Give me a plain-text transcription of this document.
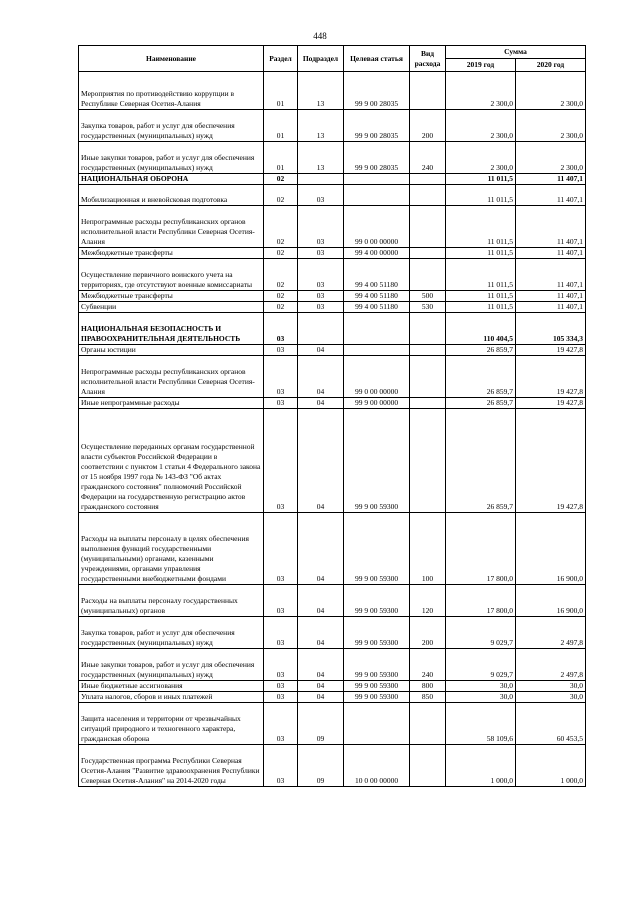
448
Наименование	Раздел	Подраздел	Целевая статья	Вид расхода	Сумма	
					2019 год	2020 год
Мероприятия по противодействию коррупции в Республике Северная Осетия-Алания	01	13	99 9 00 28035		2 300,0	2 300,0
Закупка товаров, работ и услуг для обеспечения государственных (муниципальных) нужд	01	13	99 9 00 28035	200	2 300,0	2 300,0
Иные закупки товаров, работ и услуг для обеспечения государственных (муниципальных) нужд	01	13	99 9 00 28035	240	2 300,0	2 300,0
НАЦИОНАЛЬНАЯ ОБОРОНА	02				11 011,5	11 407,1
Мобилизационная и вневойсковая подготовка	02	03			11 011,5	11 407,1
Непрограммные расходы республиканских органов исполнительной власти Республики Северная Осетия-Алания	02	03	99 0 00 00000		11 011,5	11 407,1
Межбюджетные трансферты	02	03	99 4 00 00000		11 011,5	11 407,1
Осуществление первичного воинского учета на территориях, где отсутствуют военные комиссариаты	02	03	99 4 00 51180		11 011,5	11 407,1
Межбюджетные трансферты	02	03	99 4 00 51180	500	11 011,5	11 407,1
Субвенции	02	03	99 4 00 51180	530	11 011,5	11 407,1
НАЦИОНАЛЬНАЯ БЕЗОПАСНОСТЬ И ПРАВООХРАНИТЕЛЬНАЯ ДЕЯТЕЛЬНОСТЬ	03				110 404,5	105 334,3
Органы юстиции	03	04			26 859,7	19 427,8
Непрограммные расходы республиканских органов исполнительной власти Республики Северная Осетия-Алания	03	04	99 0 00 00000		26 859,7	19 427,8
Иные непрограммные расходы	03	04	99 9 00 00000		26 859,7	19 427,8
Осуществление переданных органам государственной власти субъектов Российской Федерации в соответствии с пунктом 1 статьи 4 Федерального закона от 15 ноября 1997 года № 143-ФЗ "Об актах гражданского состояния" полномочий Российской Федерации на государственную регистрацию актов гражданского состояния	03	04	99 9 00 59300		26 859,7	19 427,8
Расходы на выплаты персоналу в целях обеспечения выполнения функций государственными (муниципальными) органами, казенными учреждениями, органами управления государственными внебюджетными фондами	03	04	99 9 00 59300	100	17 800,0	16 900,0
Расходы на выплаты персоналу государственных (муниципальных) органов	03	04	99 9 00 59300	120	17 800,0	16 900,0
Закупка товаров, работ и услуг для обеспечения государственных (муниципальных) нужд	03	04	99 9 00 59300	200	9 029,7	2 497,8
Иные закупки товаров, работ и услуг для обеспечения государственных (муниципальных) нужд	03	04	99 9 00 59300	240	9 029,7	2 497,8
Иные бюджетные ассигнования	03	04	99 9 00 59300	800	30,0	30,0
Уплата налогов, сборов и иных платежей	03	04	99 9 00 59300	850	30,0	30,0
Защита населения и территории от чрезвычайных ситуаций природного и техногенного характера, гражданская оборона	03	09			58 109,6	60 453,5
Государственная программа Республики Северная Осетия-Алания "Развитие здравоохранения Республики Северная Осетия-Алания" на 2014-2020 годы	03	09	10 0 00 00000		1 000,0	1 000,0
